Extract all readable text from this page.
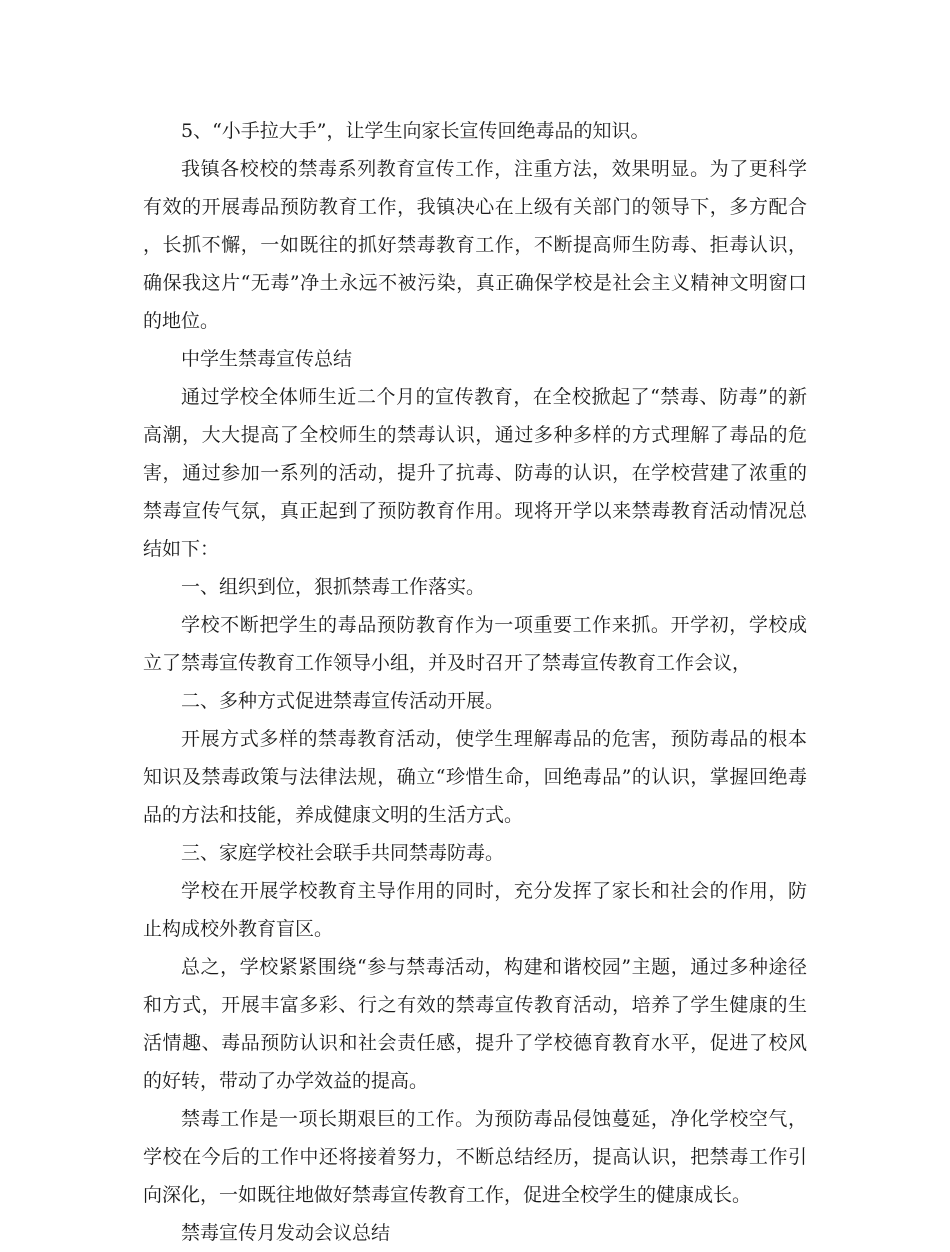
5、“小手拉大手”，让学生向家长宣传回绝毒品的知识。

我镇各校校的禁毒系列教育宣传工作，注重方法，效果明显。为了更科学有效的开展毒品预防教育工作，我镇决心在上级有关部门的领导下，多方配合，长抓不懈，一如既往的抓好禁毒教育工作，不断提高师生防毒、拒毒认识，确保我这片“无毒”净土永远不被污染，真正确保学校是社会主义精神文明窗口的地位。

中学生禁毒宣传总结

通过学校全体师生近二个月的宣传教育，在全校掀起了“禁毒、防毒”的新高潮，大大提高了全校师生的禁毒认识，通过多种多样的方式理解了毒品的危害，通过参加一系列的活动，提升了抗毒、防毒的认识，在学校营建了浓重的禁毒宣传气氛，真正起到了预防教育作用。现将开学以来禁毒教育活动情况总结如下：

一、组织到位，狠抓禁毒工作落实。

学校不断把学生的毒品预防教育作为一项重要工作来抓。开学初，学校成立了禁毒宣传教育工作领导小组，并及时召开了禁毒宣传教育工作会议，

二、多种方式促进禁毒宣传活动开展。

开展方式多样的禁毒教育活动，使学生理解毒品的危害，预防毒品的根本知识及禁毒政策与法律法规，确立“珍惜生命，回绝毒品”的认识，掌握回绝毒品的方法和技能，养成健康文明的生活方式。

三、家庭学校社会联手共同禁毒防毒。

学校在开展学校教育主导作用的同时，充分发挥了家长和社会的作用，防止构成校外教育盲区。

总之，学校紧紧围绕“参与禁毒活动，构建和谐校园”主题，通过多种途径和方式，开展丰富多彩、行之有效的禁毒宣传教育活动，培养了学生健康的生活情趣、毒品预防认识和社会责任感，提升了学校德育教育水平，促进了校风的好转，带动了办学效益的提高。

禁毒工作是一项长期艰巨的工作。为预防毒品侵蚀蔓延，净化学校空气，学校在今后的工作中还将接着努力，不断总结经历，提高认识，把禁毒工作引向深化，一如既往地做好禁毒宣传教育工作，促进全校学生的健康成长。

禁毒宣传月发动会议总结
